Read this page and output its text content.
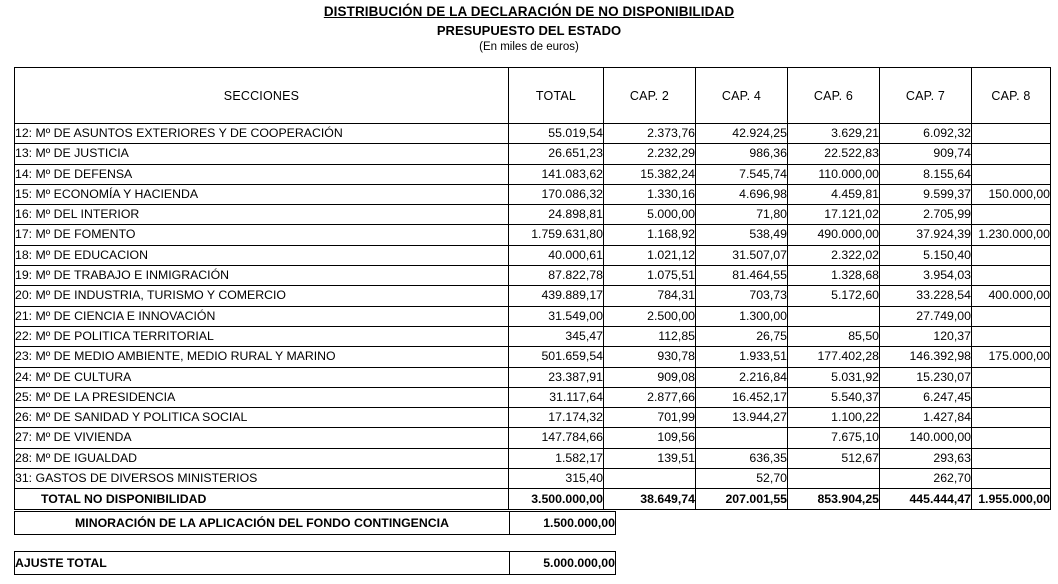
DISTRIBUCIÓN DE LA DECLARACIÓN DE NO DISPONIBILIDAD
PRESUPUESTO DEL ESTADO
(En miles de euros)
SECCIONES	TOTAL	CAP. 2	CAP. 4	CAP. 6	CAP. 7	CAP. 8
12: Mº DE ASUNTOS EXTERIORES Y DE COOPERACIÓN	55.019,54	2.373,76	42.924,25	3.629,21	6.092,32	
13: Mº DE JUSTICIA	26.651,23	2.232,29	986,36	22.522,83	909,74	
14: Mº DE DEFENSA	141.083,62	15.382,24	7.545,74	110.000,00	8.155,64	
15: Mº ECONOMÍA Y HACIENDA	170.086,32	1.330,16	4.696,98	4.459,81	9.599,37	150.000,00
16: Mº DEL INTERIOR	24.898,81	5.000,00	71,80	17.121,02	2.705,99	
17: Mº DE FOMENTO	1.759.631,80	1.168,92	538,49	490.000,00	37.924,39	1.230.000,00
18: Mº DE EDUCACION	40.000,61	1.021,12	31.507,07	2.322,02	5.150,40	
19: Mº DE TRABAJO E INMIGRACIÓN	87.822,78	1.075,51	81.464,55	1.328,68	3.954,03	
20: Mº DE INDUSTRIA, TURISMO Y COMERCIO	439.889,17	784,31	703,73	5.172,60	33.228,54	400.000,00
21: Mº DE CIENCIA E INNOVACIÓN	31.549,00	2.500,00	1.300,00		27.749,00	
22: Mº DE POLITICA TERRITORIAL	345,47	112,85	26,75	85,50	120,37	
23: Mº DE MEDIO AMBIENTE, MEDIO RURAL Y MARINO	501.659,54	930,78	1.933,51	177.402,28	146.392,98	175.000,00
24: Mº DE CULTURA	23.387,91	909,08	2.216,84	5.031,92	15.230,07	
25: Mº DE LA PRESIDENCIA	31.117,64	2.877,66	16.452,17	5.540,37	6.247,45	
26: Mº DE SANIDAD Y POLITICA SOCIAL	17.174,32	701,99	13.944,27	1.100,22	1.427,84	
27: Mº DE VIVIENDA	147.784,66	109,56		7.675,10	140.000,00	
28: Mº DE IGUALDAD	1.582,17	139,51	636,35	512,67	293,63	
31: GASTOS DE DIVERSOS MINISTERIOS	315,40		52,70		262,70	
TOTAL NO DISPONIBILIDAD	3.500.000,00	38.649,74	207.001,55	853.904,25	445.444,47	1.955.000,00
MINORACIÓN DE LA APLICACIÓN DEL FONDO CONTINGENCIA	1.500.000,00
AJUSTE TOTAL	5.000.000,00
